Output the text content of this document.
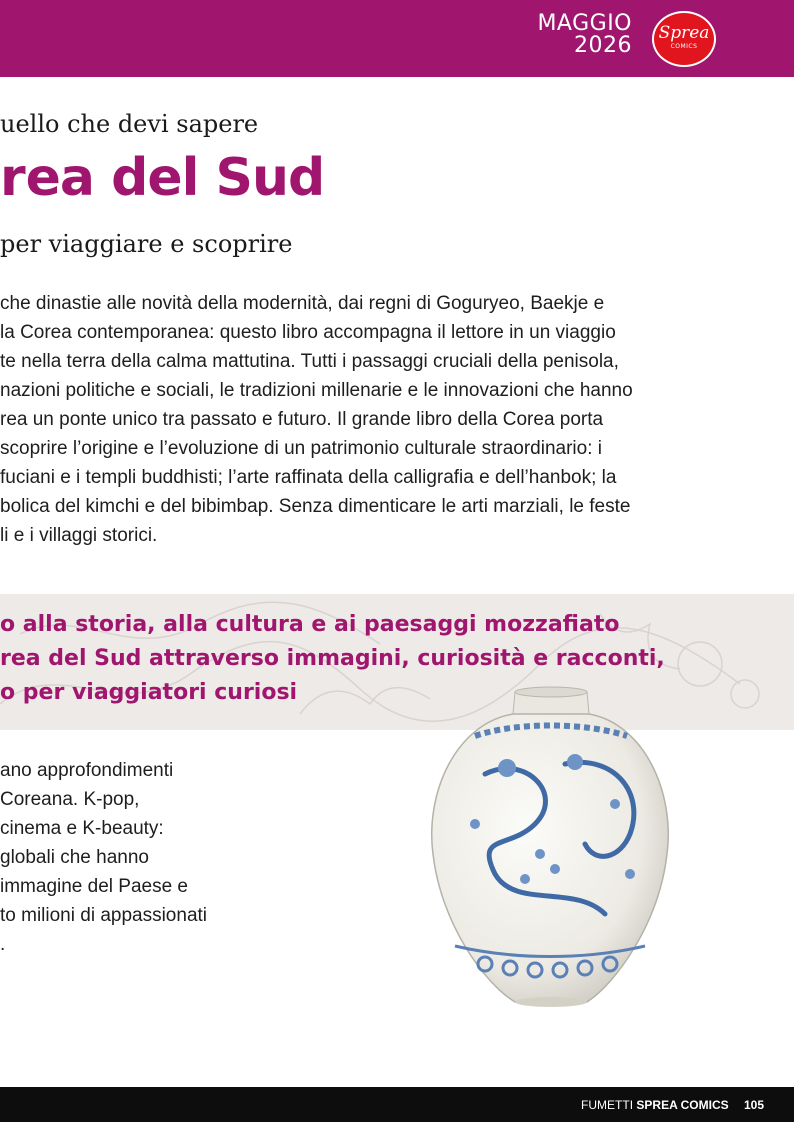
MAGGIO
2026 Sprea
COMICS
uello che devi sapere
rea del Sud
per viaggiare e scoprire
che dinastie alle novità della modernità, dai regni di Goguryeo, Baekje e
la Corea contemporanea: questo libro accompagna il lettore in un viaggio
te nella terra della calma mattutina. Tutti i passaggi cruciali della penisola,
nazioni politiche e sociali, le tradizioni millenarie e le innovazioni che hanno
rea un ponte unico tra passato e futuro. Il grande libro della Corea porta
scoprire l’origine e l’evoluzione di un patrimonio culturale straordinario: i
fuciani e i templi buddhisti; l’arte raffinata della calligrafia e dell’hanbok; la
bolica del kimchi e del bibimbap. Senza dimenticare le arti marziali, le feste
li e i villaggi storici.
o alla storia, alla cultura e ai paesaggi mozzafiato
rea del Sud attraverso immagini, curiosità e racconti,
o per viaggiatori curiosi
ano approfondimenti
Coreana. K-pop,
cinema e K-beauty:
globali che hanno
immagine del Paese e
to milioni di appassionati
.
FUMETTI SPREA COMICS 105
